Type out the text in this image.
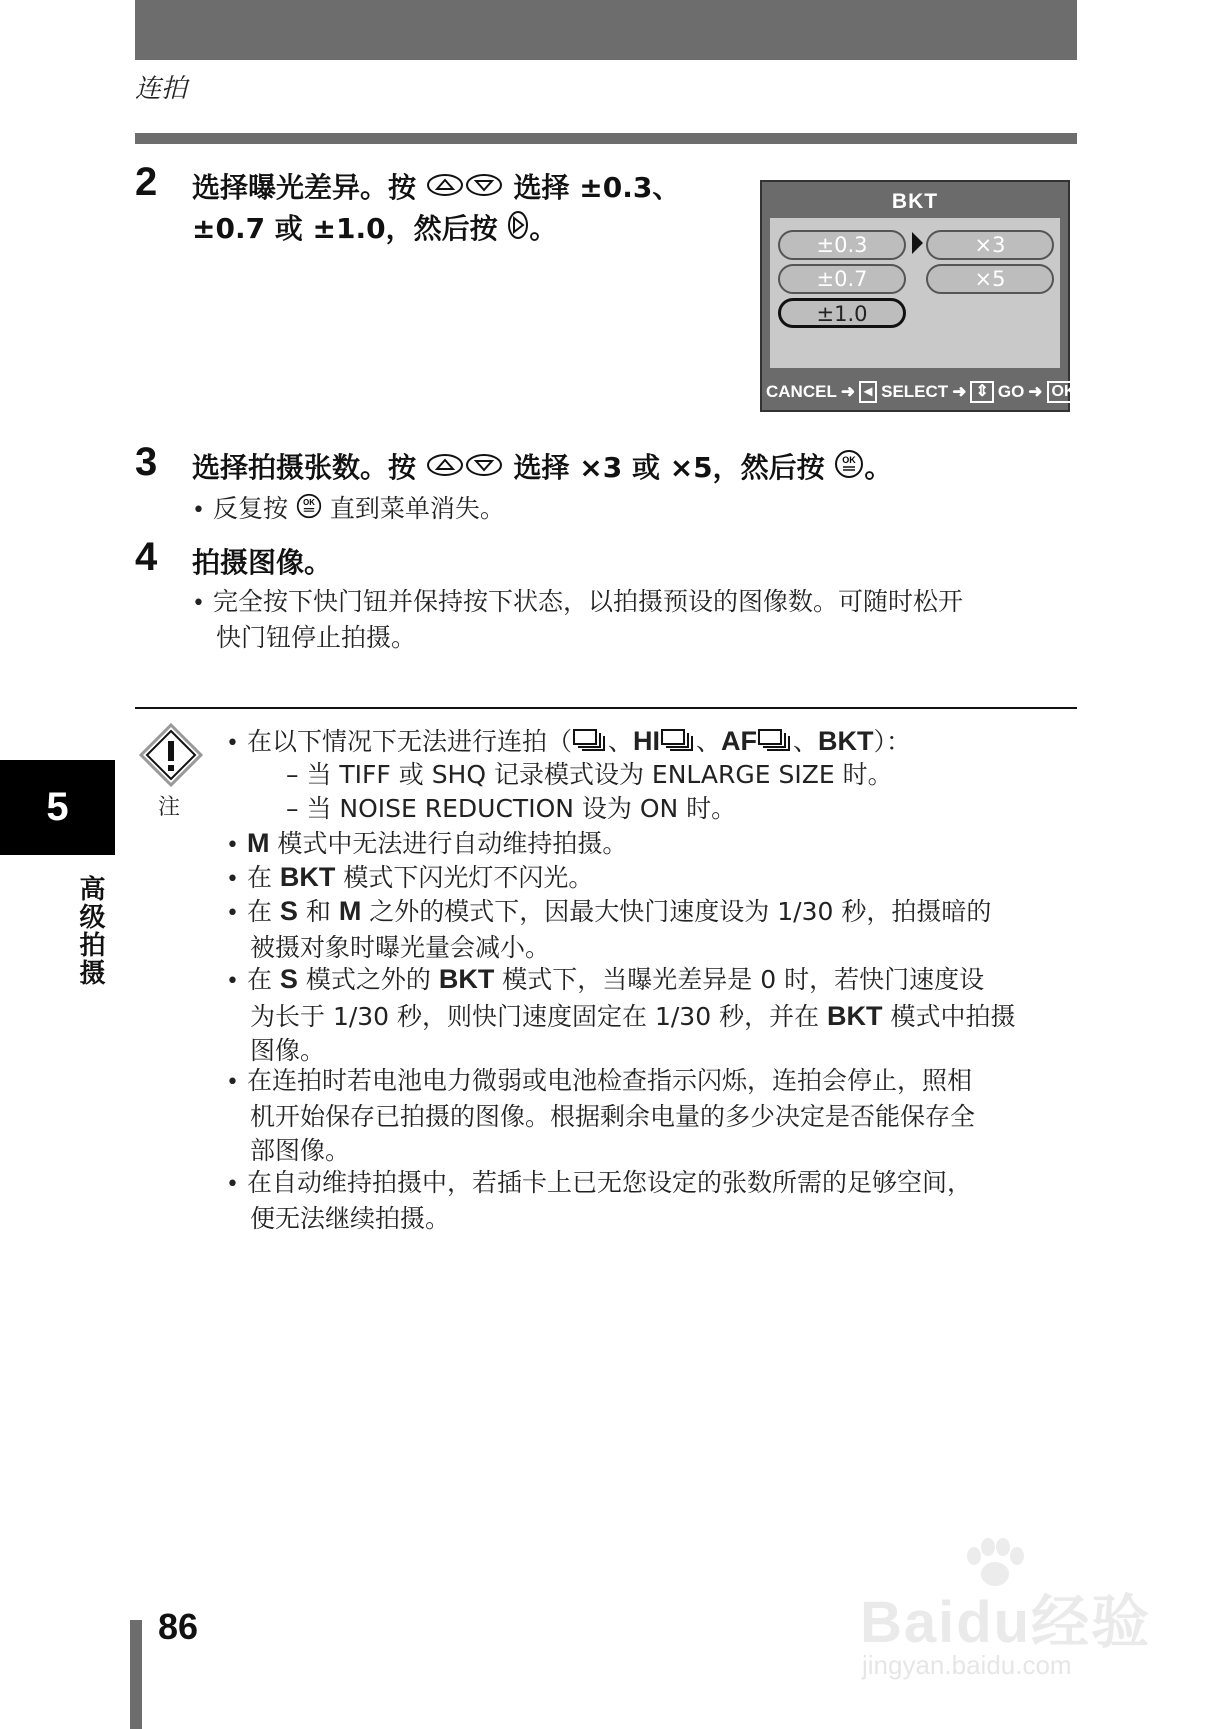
连拍
2 选择曝光差异。按	选择 ±0.3、
±0.7 或 ±1.0，然后按 。
BKT
±0.3
±0.7
±1.0
×3
×5
CANCEL ➜ ◂ SELECT ➜ ⇕ GO ➜ OK
3 选择拍摄张数。按	选择 ×3 或 ×5，然后按 OK 。
• 反复按 OK 直到菜单消失。
4 拍摄图像。
• 完全按下快门钮并保持按下状态，以拍摄预设的图像数。可随时松开
快门钮停止拍摄。
注
• 在以下情况下无法进行连拍（ 、HI 、AF 、BKT）：
– 当 TIFF 或 SHQ 记录模式设为 ENLARGE SIZE 时。
– 当 NOISE REDUCTION 设为 ON 时。
• M 模式中无法进行自动维持拍摄。
• 在 BKT 模式下闪光灯不闪光。
• 在 S 和 M 之外的模式下，因最大快门速度设为 1/30 秒，拍摄暗的
被摄对象时曝光量会减小。
• 在 S 模式之外的 BKT 模式下，当曝光差异是 0 时，若快门速度设
为长于 1/30 秒，则快门速度固定在 1/30 秒，并在 BKT 模式中拍摄
图像。
• 在连拍时若电池电力微弱或电池检查指示闪烁，连拍会停止，照相
机开始保存已拍摄的图像。根据剩余电量的多少决定是否能保存全
部图像。
• 在自动维持拍摄中，若插卡上已无您设定的张数所需的足够空间，
便无法继续拍摄。
5
高级拍摄
86	Baidu经验
jingyan.baidu.com
